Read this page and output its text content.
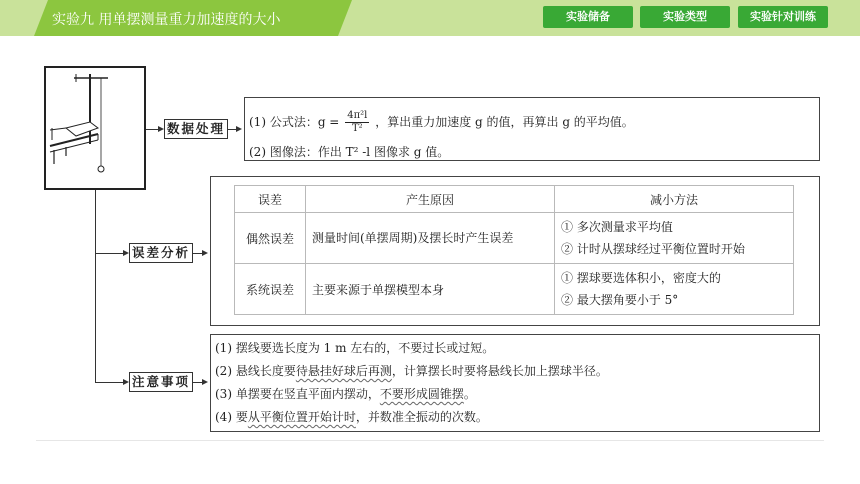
实验九 用单摆测量重力加速度的大小	实验储备	实验类型	实验针对训练
数据处理
误差分析
注意事项
(1) 公式法：$g = \frac{\text{4π²l}}{\text{T²}}$ ，算出重力加速度 g 的值，再算出 g 的平均值。
(2) 图像法：作出 T² -l 图像求 g 值。
误差	产生原因	减小方法
偶然误差	测量时间(单摆周期)及摆长时产生误差	① 多次测量求平均值
② 计时从摆球经过平衡位置时开始

系统误差	主要来源于单摆模型本身	① 摆球要选体积小，密度大的
② 最大摆角要小于 5°
(1) 摆线要选长度为 1 m 左右的，不要过长或过短。
(2) 悬线长度要待悬挂好球后再测，计算摆长时要将悬线长加上摆球半径。
(3) 单摆要在竖直平面内摆动，不要形成圆锥摆。
(4) 要从平衡位置开始计时，并数准全振动的次数。
